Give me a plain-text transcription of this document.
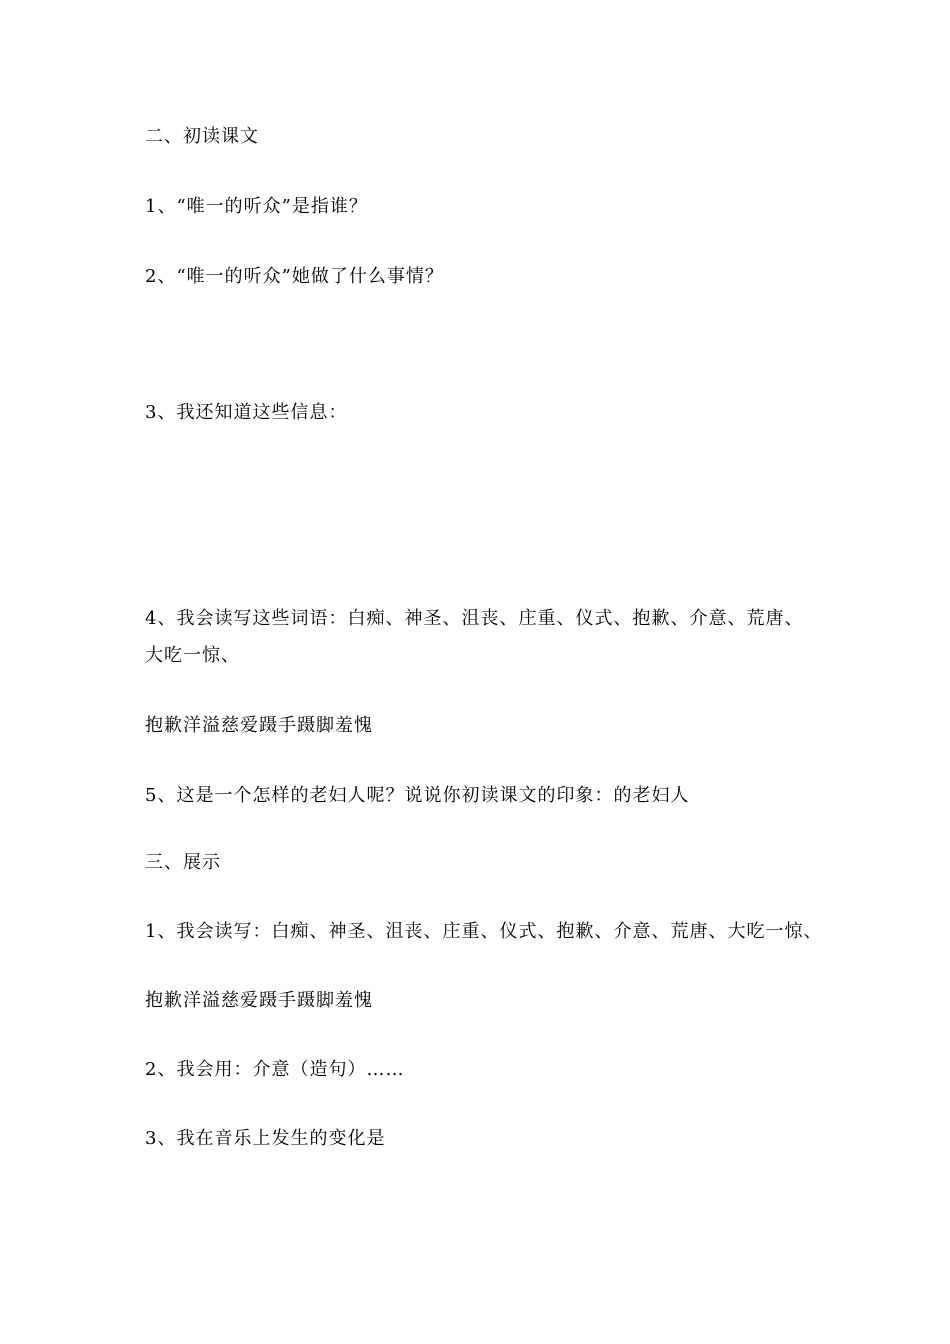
二、初读课文
1、“唯一的听众”是指谁？
2、“唯一的听众”她做了什么事情？
3、我还知道这些信息：
4、我会读写这些词语：白痴、神圣、沮丧、庄重、仪式、抱歉、介意、荒唐、
大吃一惊、
抱歉洋溢慈爱蹑手蹑脚羞愧
5、这是一个怎样的老妇人呢？说说你初读课文的印象：的老妇人
三、展示
1、我会读写：白痴、神圣、沮丧、庄重、仪式、抱歉、介意、荒唐、大吃一惊、
抱歉洋溢慈爱蹑手蹑脚羞愧
2、我会用：介意（造句）……
3、我在音乐上发生的变化是
